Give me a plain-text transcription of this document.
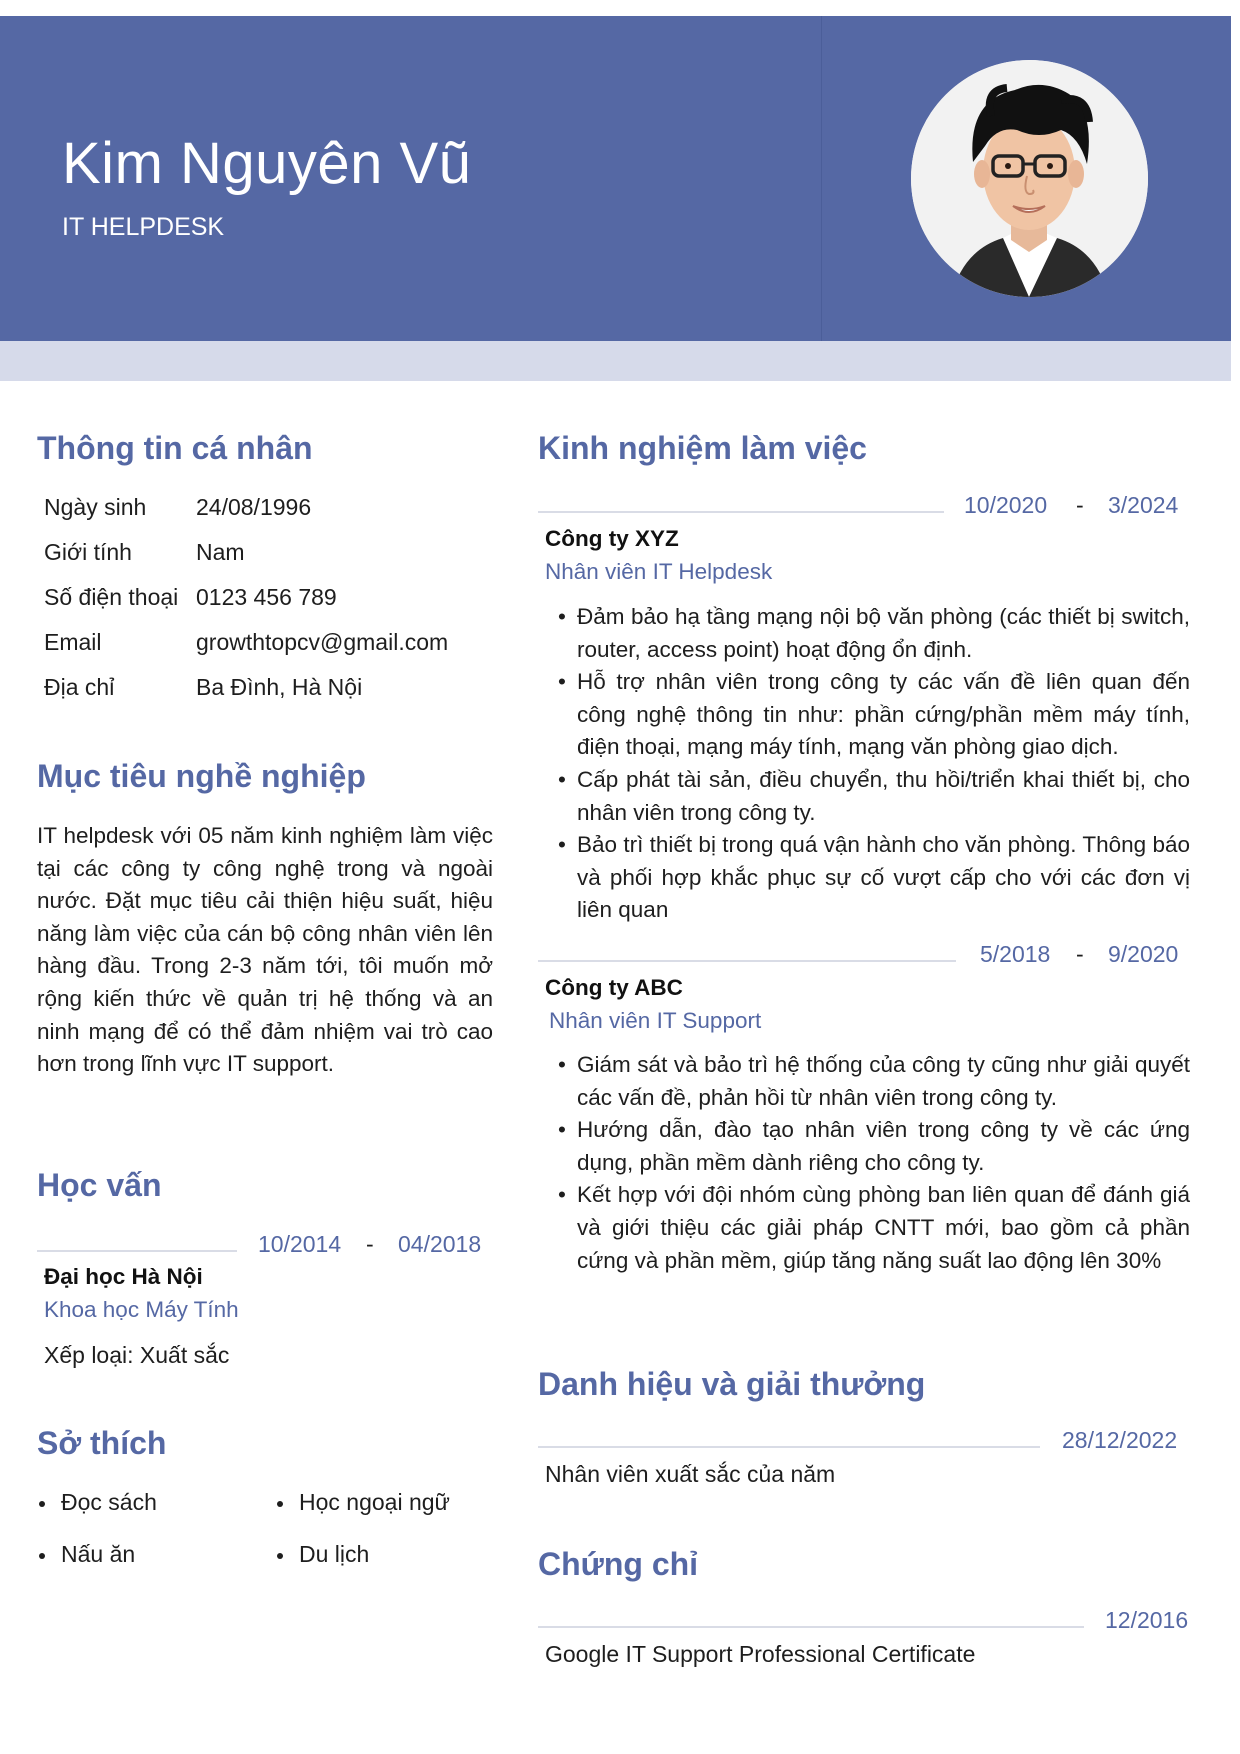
Kim Nguyên Vũ
IT HELPDESK
Thông tin cá nhân
Ngày sinh 24/08/1996
Giới tính	Nam
Số điện thoại 0123 456 789
Email	growthtopcv@gmail.com
Địa chỉ	Ba Đình, Hà Nội
Mục tiêu nghề nghiệp

IT helpdesk với 05 năm kinh nghiệm làm việc tại các công ty công nghệ trong và ngoài nước. Đặt mục tiêu cải thiện hiệu suất, hiệu năng làm việc của cán bộ công nhân viên lên hàng đầu. Trong 2-3 năm tới, tôi muốn mở rộng kiến thức về quản trị hệ thống và an ninh mạng để có thể đảm nhiệm vai trò cao hơn trong lĩnh vực IT support.

Học vấn
10/2014 - 04/2018
Đại học Hà Nội
Khoa học Máy Tính
Xếp loại: Xuất sắc
Sở thích
Đọc sách	Học ngoại ngữ
Nấu ăn	Du lịch
Kinh nghiệm làm việc
10/2020 - 3/2024
Công ty XYZ
Nhân viên IT Helpdesk
• Đảm bảo hạ tầng mạng nội bộ văn phòng (các thiết bị switch, router, access point) hoạt động ổn định.
• Hỗ trợ nhân viên trong công ty các vấn đề liên quan đến công nghệ thông tin như: phần cứng/phần mềm máy tính, điện thoại, mạng máy tính, mạng văn phòng giao dịch.
• Cấp phát tài sản, điều chuyển, thu hồi/triển khai thiết bị, cho nhân viên trong công ty.
• Bảo trì thiết bị trong quá vận hành cho văn phòng. Thông báo và phối hợp khắc phục sự cố vượt cấp cho với các đơn vị liên quan
5/2018 - 9/2020
Công ty ABC
Nhân viên IT Support
• Giám sát và bảo trì hệ thống của công ty cũng như giải quyết các vấn đề, phản hồi từ nhân viên trong công ty.
• Hướng dẫn, đào tạo nhân viên trong công ty về các ứng dụng, phần mềm dành riêng cho công ty.
• Kết hợp với đội nhóm cùng phòng ban liên quan để đánh giá và giới thiệu các giải pháp CNTT mới, bao gồm cả phần cứng và phần mềm, giúp tăng năng suất lao động lên 30%
Danh hiệu và giải thưởng
28/12/2022
Nhân viên xuất sắc của năm
Chứng chỉ
12/2016
Google IT Support Professional Certificate
